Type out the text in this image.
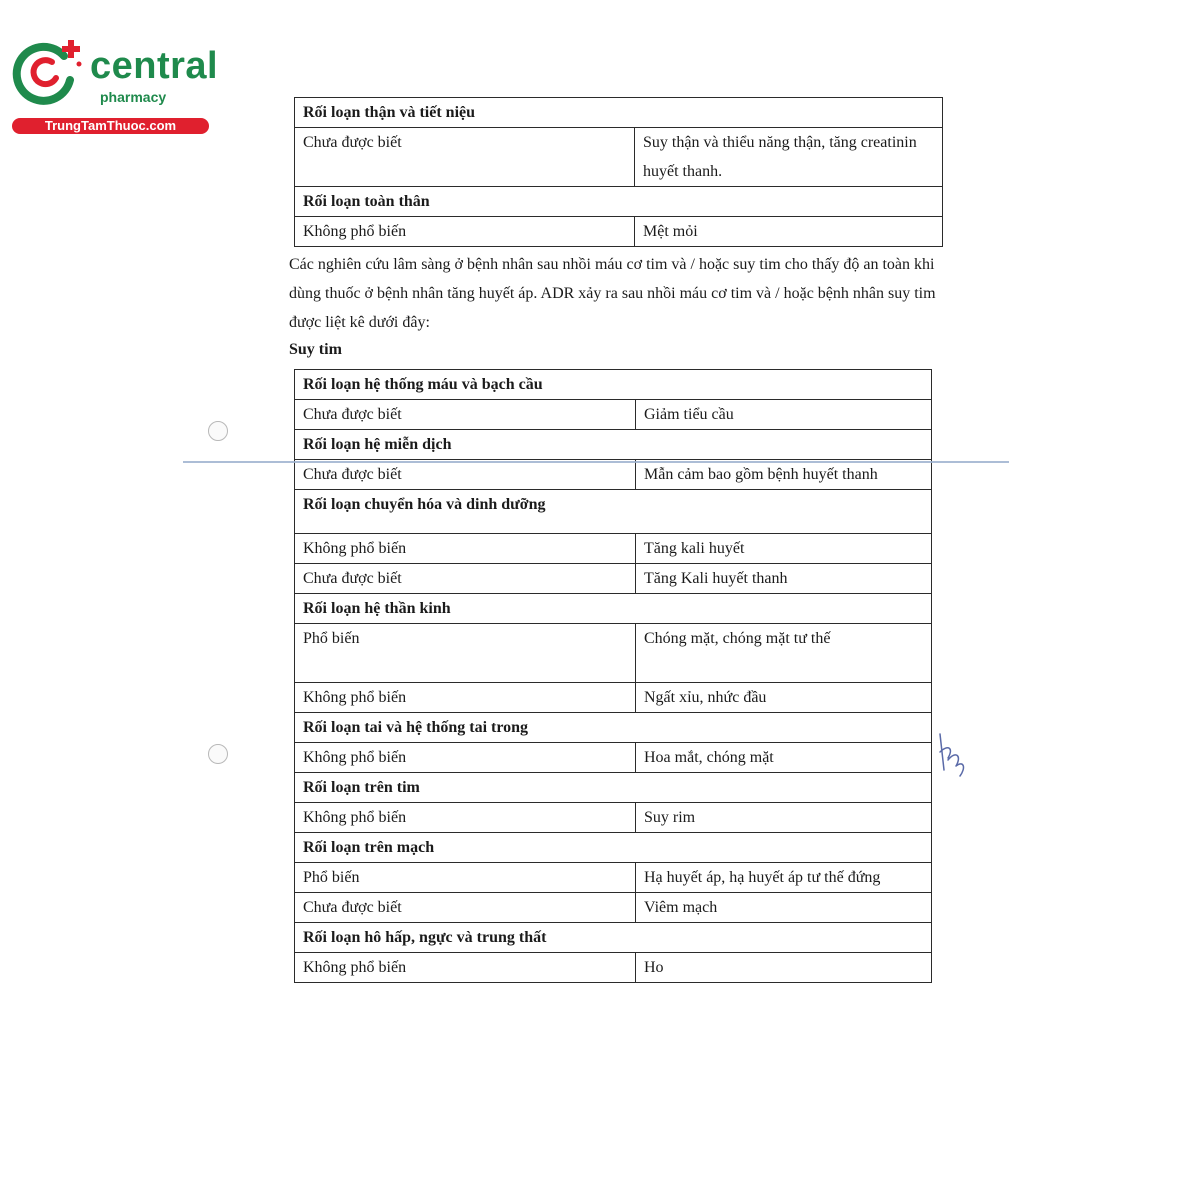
central
pharmacy
TrungTamThuoc.com
Rối loạn thận và tiết niệu	
Chưa được biết	Suy thận và thiểu năng thận, tăng creatinin huyết thanh.
Rối loạn toàn thân	
Không phổ biến	Mệt mỏi
Các nghiên cứu lâm sàng ở bệnh nhân sau nhồi máu cơ tim và / hoặc suy tim cho thấy độ an toàn khi dùng thuốc ở bệnh nhân tăng huyết áp. ADR xảy ra sau nhồi máu cơ tim và / hoặc bệnh nhân suy tim được liệt kê dưới đây:
Suy tim
Rối loạn hệ thống máu và bạch cầu	
Chưa được biết	Giảm tiểu cầu
Rối loạn hệ miễn dịch	
Chưa được biết	Mẫn cảm bao gồm bệnh huyết thanh
Rối loạn chuyển hóa và dinh dưỡng	
Không phổ biến	Tăng kali huyết
Chưa được biết	Tăng Kali huyết thanh
Rối loạn hệ thần kinh	
Phổ biến	Chóng mặt, chóng mặt tư thế
Không phổ biến	Ngất xỉu, nhức đầu
Rối loạn tai và hệ thống tai trong	
Không phổ biến	Hoa mắt, chóng mặt
Rối loạn trên tim	
Không phổ biến	Suy rim
Rối loạn trên mạch	
Phổ biến	Hạ huyết áp, hạ huyết áp tư thế đứng
Chưa được biết	Viêm mạch
Rối loạn hô hấp, ngực và trung thất	
Không phổ biến	Ho
